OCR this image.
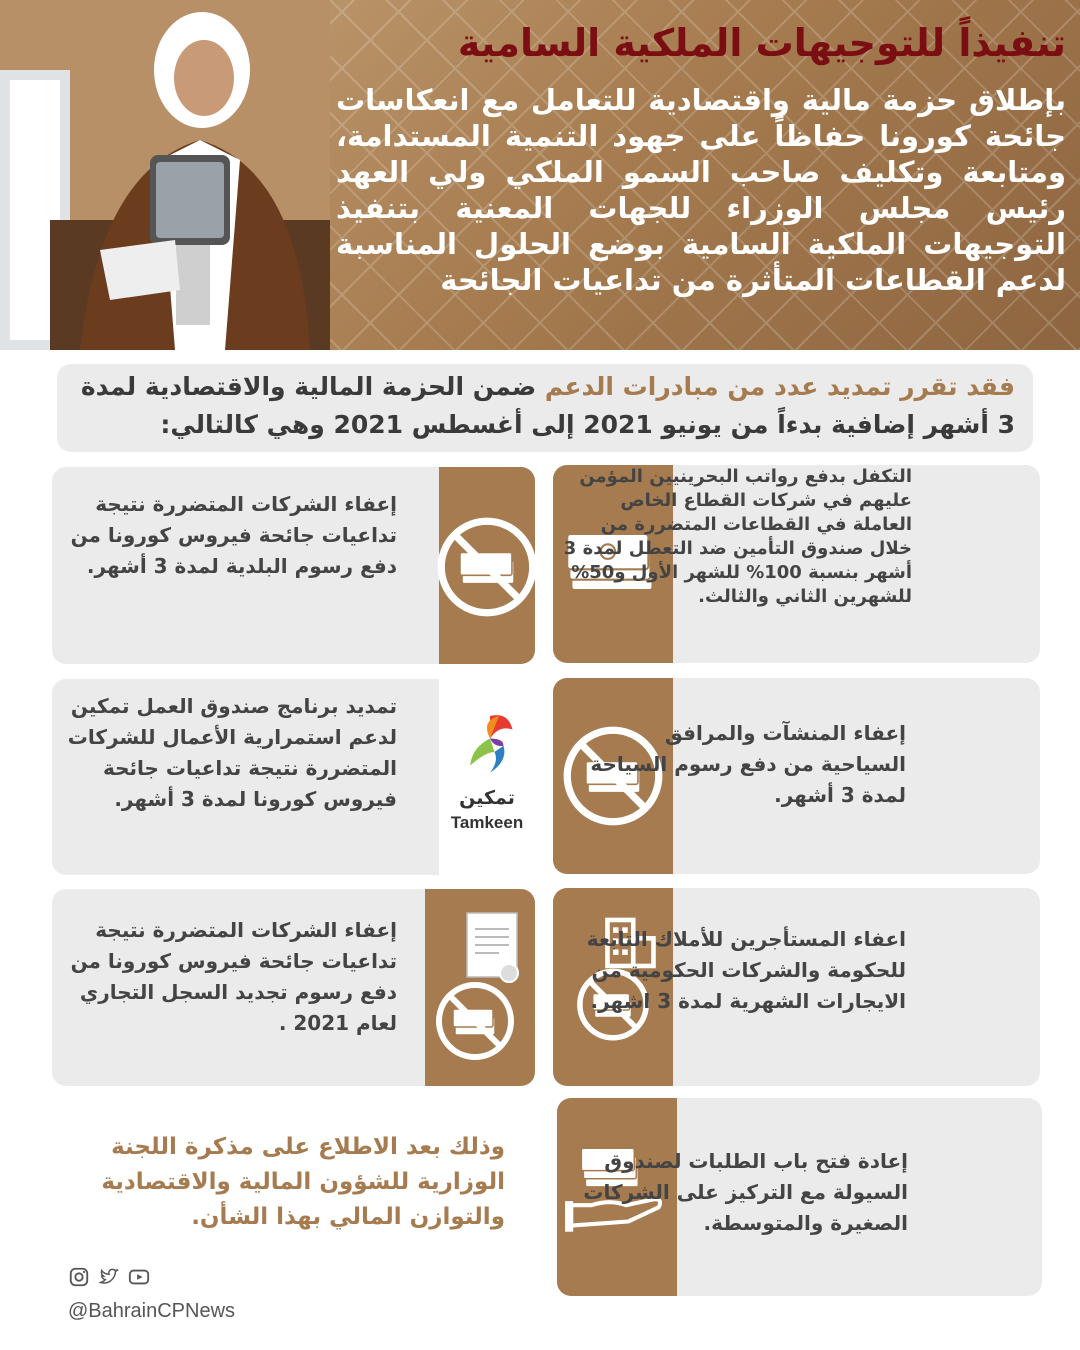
تنفيذاً للتوجيهات الملكية السامية
بإطلاق حزمة مالية واقتصادية للتعامل مع انعكاسات جائحة كورونا حفاظاً على جهود التنمية المستدامة، ومتابعة وتكليف صاحب السمو الملكي ولي العهد رئيس مجلس الوزراء للجهات المعنية بتنفيذ التوجيهات الملكية السامية بوضع الحلول المناسبة لدعم القطاعات المتأثرة من تداعيات الجائحة

فقد تقرر تمديد عدد من مبادرات الدعم ضمن الحزمة المالية والاقتصادية لمدة 3 أشهر إضافية بدءاً من يونيو 2021 إلى أغسطس 2021 وهي كالتالي:

التكفل بدفع رواتب البحرينيين المؤمن عليهم في شركات القطاع الخاص العاملة في القطاعات المتضررة من خلال صندوق التأمين ضد التعطل لمدة 3 أشهر بنسبة 100% للشهر الأول و50% للشهرين الثاني والثالث.
إعفاء الشركات المتضررة نتيجة تداعيات جائحة فيروس كورونا من دفع رسوم البلدية لمدة 3 أشهر.
إعفاء المنشآت والمرافق السياحية من دفع رسوم السياحة لمدة 3 أشهر.
تمكين
Tamkeen
تمديد برنامج صندوق العمل تمكين لدعم استمرارية الأعمال للشركات المتضررة نتيجة تداعيات جائحة فيروس كورونا لمدة 3 أشهر.
اعفاء المستأجرين للأملاك التابعة للحكومة والشركات الحكومية من الايجارات الشهرية لمدة 3 اشهر.
إعفاء الشركات المتضررة نتيجة تداعيات جائحة فيروس كورونا من دفع رسوم تجديد السجل التجاري لعام 2021 .
إعادة فتح باب الطلبات لصندوق السيولة مع التركيز على الشركات الصغيرة والمتوسطة.
وذلك بعد الاطلاع على مذكرة اللجنة الوزارية للشؤون المالية والاقتصادية والتوازن المالي بهذا الشأن.
@BahrainCPNews
